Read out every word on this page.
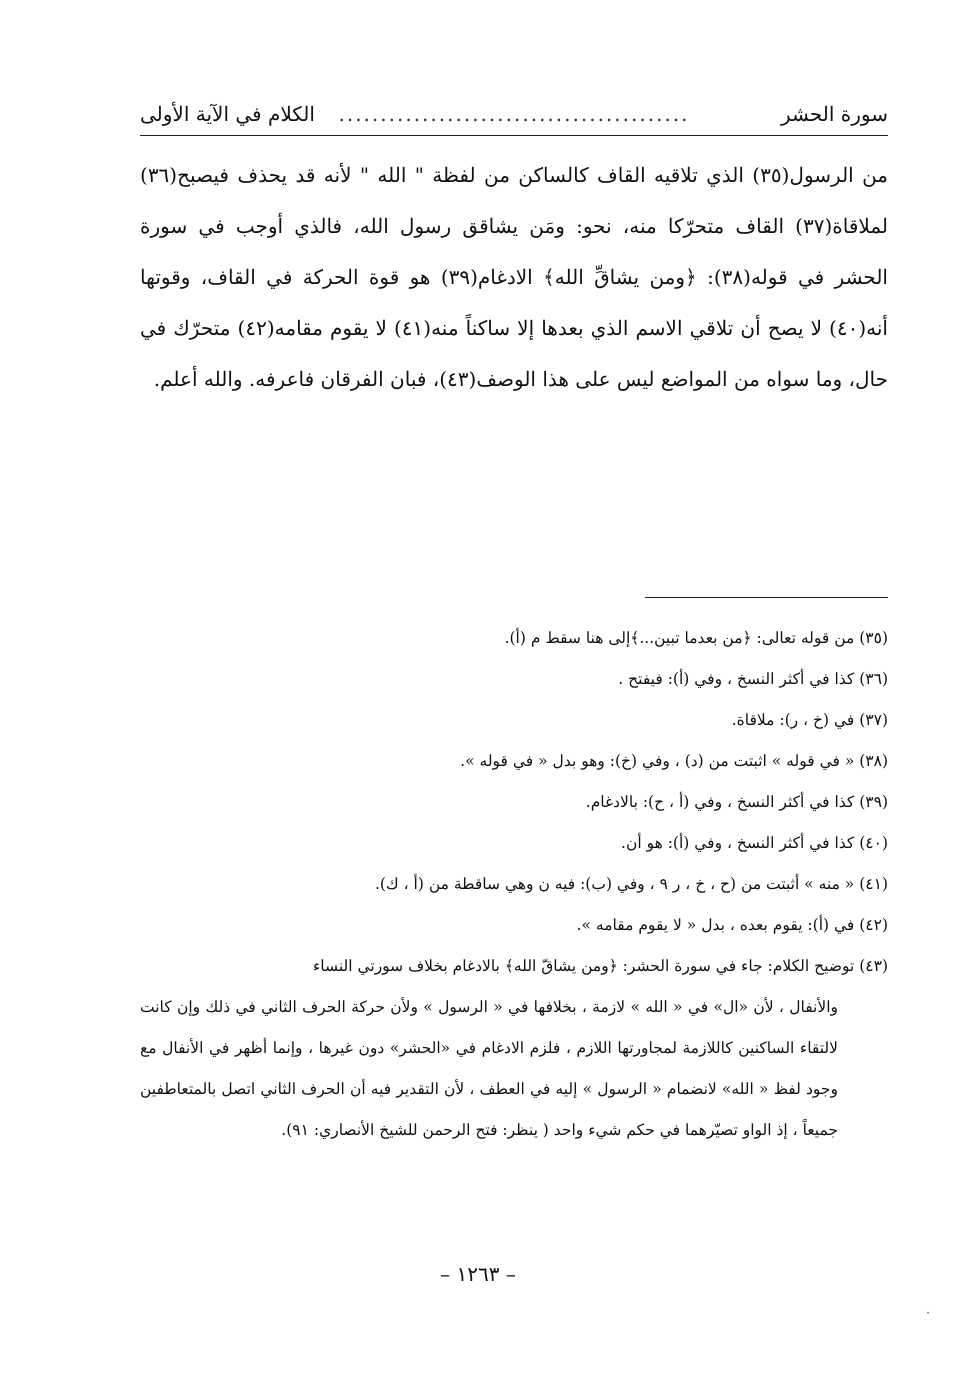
سورة الحشر
..........................................
الكلام في الآية الأولى

من الرسول(٣٥) الذي تلاقيه القاف كالساكن من لفظة " الله " لأنه قد يحذف فيصبح(٣٦) لملاقاة(٣٧) القاف متحرّكا منه، نحو: ومَن يشاقق رسول الله، فالذي أوجب في سورة الحشر في قوله(٣٨): ﴿ومن يشاقِّ الله﴾ الادغام(٣٩) هو قوة الحركة في القاف، وقوتها أنه(٤٠) لا يصح أن تلاقي الاسم الذي بعدها إلا ساكناً منه(٤١) لا يقوم مقامه(٤٢) متحرّك في حال، وما سواه من المواضع ليس على هذا الوصف(٤٣)، فبان الفرقان فاعرفه. والله أعلم.

(٣٥) من قوله تعالى: ﴿من بعدما تبين...﴾إلى هنا سقط م (أ).

(٣٦) كذا في أكثر النسخ ، وفي (أ): فيفتح .

(٣٧) في (خ ، ر): ملاقاة.

(٣٨) « في قوله » اثبتت من (د) ، وفي (خ): وهو بدل « في قوله ».

(٣٩) كذا في أكثر النسخ ، وفي (أ ، ح): بالادغام.

(٤٠) كذا في أكثر النسخ ، وفي (أ): هو أن.

(٤١) « منه » أثبتت من (ح ، خ ، ر ٩ ، وفي (ب): فيه ن وهي ساقطة من (أ ، ك).

(٤٢) في (أ): يقوم بعده ، بدل « لا يقوم مقامه ».

(٤٣) توضيح الكلام: جاء في سورة الحشر: ﴿ومن يشاقّ الله﴾ بالادغام بخلاف سورتي النساء

والأنفال ، لأن «ال» في « الله » لازمة ، بخلافها في « الرسول » ولأن حركة الحرف الثاني في ذلك وإن كانت لالتقاء الساكنين كاللازمة لمجاورتها اللازم ، فلزم الادغام في «الحشر» دون غيرها ، وإنما أظهر في الأنفال مع وجود لفظ « الله» لانضمام « الرسول » إليه في العطف ، لأن التقدير فيه أن الحرف الثاني اتصل بالمتعاطفين جميعاً ، إذ الواو تصيّرهما في حكم شيء واحد ( ينظر: فتح الرحمن للشيخ الأنصاري: ٩١).

– ١٢٦٣ –
·
